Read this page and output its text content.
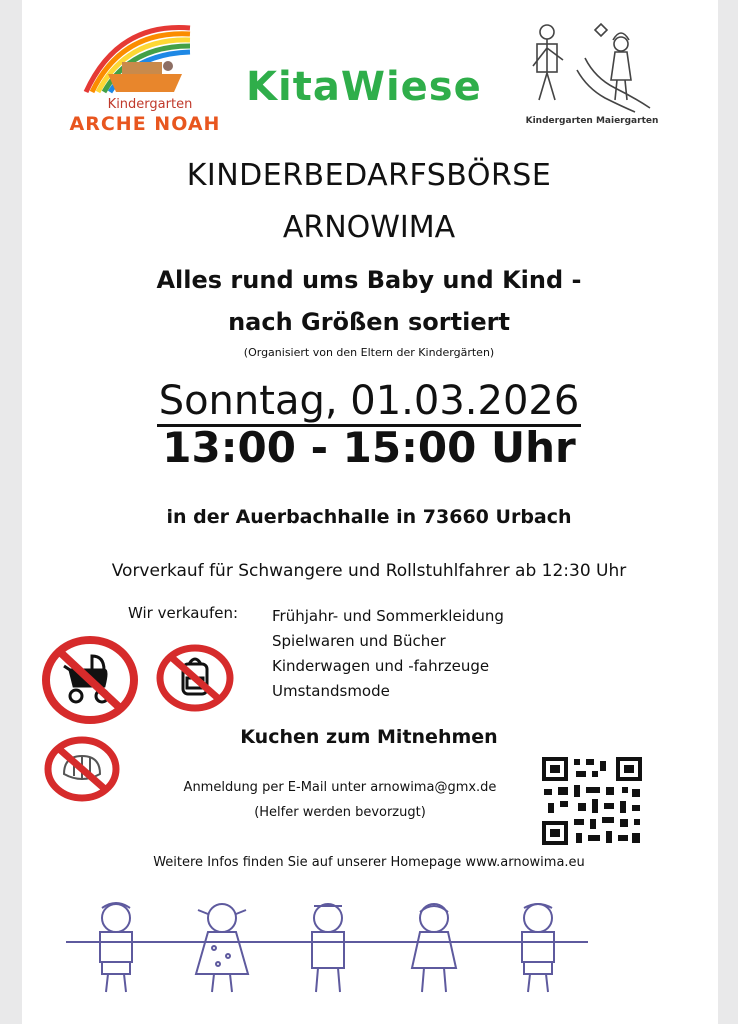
Kindergarten
ARCHE NOAH
KitaWiese
Kindergarten Maiergarten
KINDERBEDARFSBÖRSE
ARNOWIMA
Alles rund ums Baby und Kind -
nach Größen sortiert
(Organisiert von den Eltern der Kindergärten)
Sonntag, 01.03.2026
13:00 - 15:00 Uhr
in der Auerbachhalle in 73660 Urbach
Vorverkauf für Schwangere und Rollstuhlfahrer ab 12:30 Uhr
Wir verkaufen: Frühjahr- und Sommerkleidung
Spielwaren und Bücher
Kinderwagen und -fahrzeuge
Umstandsmode
Kuchen zum Mitnehmen
Anmeldung per E-Mail unter arnowima@gmx.de
(Helfer werden bevorzugt)
Weitere Infos finden Sie auf unserer Homepage www.arnowima.eu
